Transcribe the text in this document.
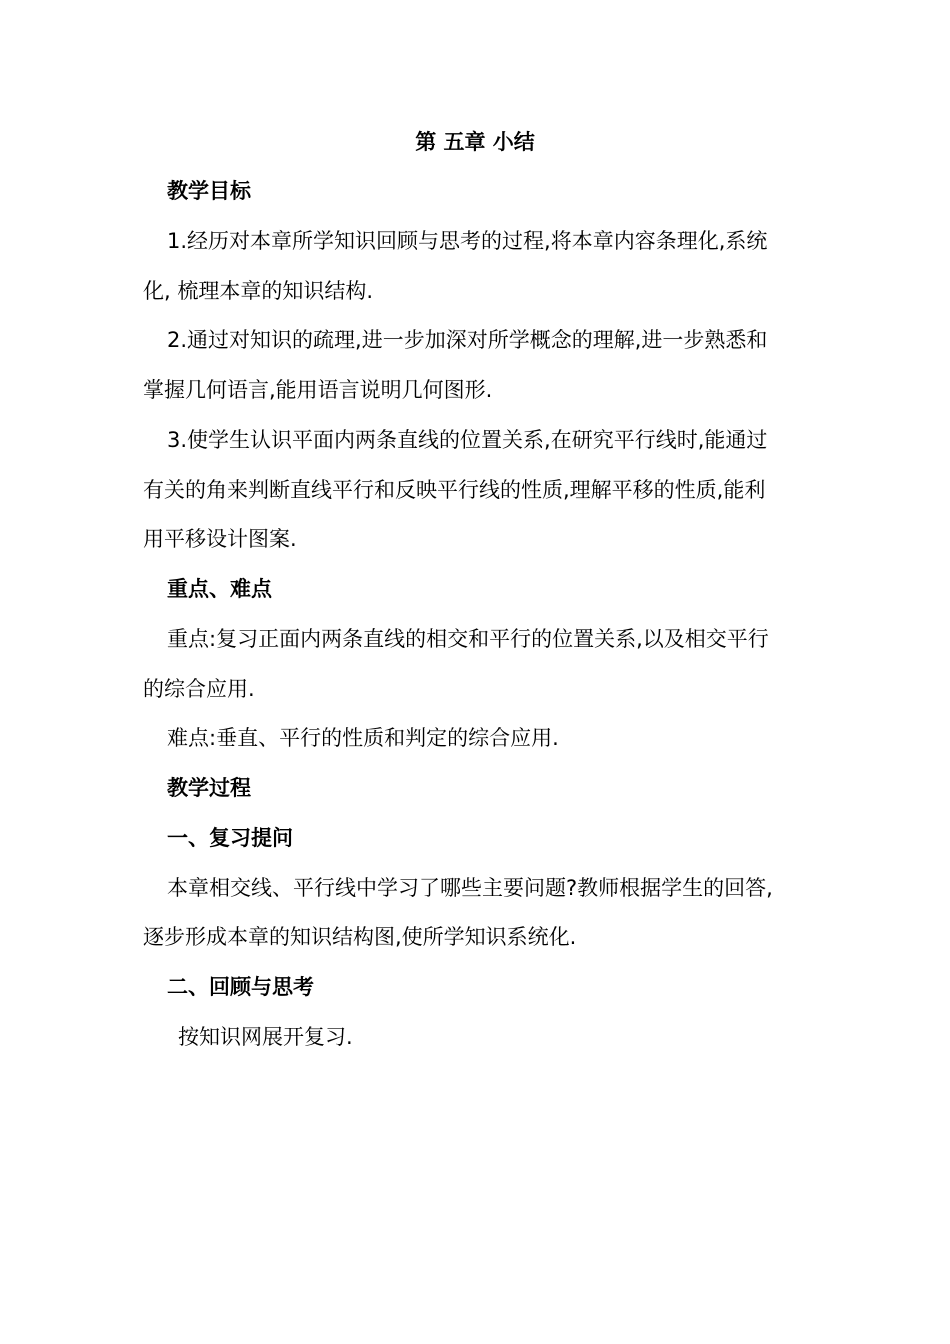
第 五章 小结

教学目标

1.经历对本章所学知识回顾与思考的过程,将本章内容条理化,系统

化, 梳理本章的知识结构.

2.通过对知识的疏理,进一步加深对所学概念的理解,进一步熟悉和

掌握几何语言,能用语言说明几何图形.

3.使学生认识平面内两条直线的位置关系,在研究平行线时,能通过

有关的角来判断直线平行和反映平行线的性质,理解平移的性质,能利

用平移设计图案.

重点、难点

重点:复习正面内两条直线的相交和平行的位置关系,以及相交平行

的综合应用.

难点:垂直、平行的性质和判定的综合应用.

教学过程

一、复习提问

本章相交线、平行线中学习了哪些主要问题?教师根据学生的回答,

逐步形成本章的知识结构图,使所学知识系统化.

二、回顾与思考

按知识网展开复习.
